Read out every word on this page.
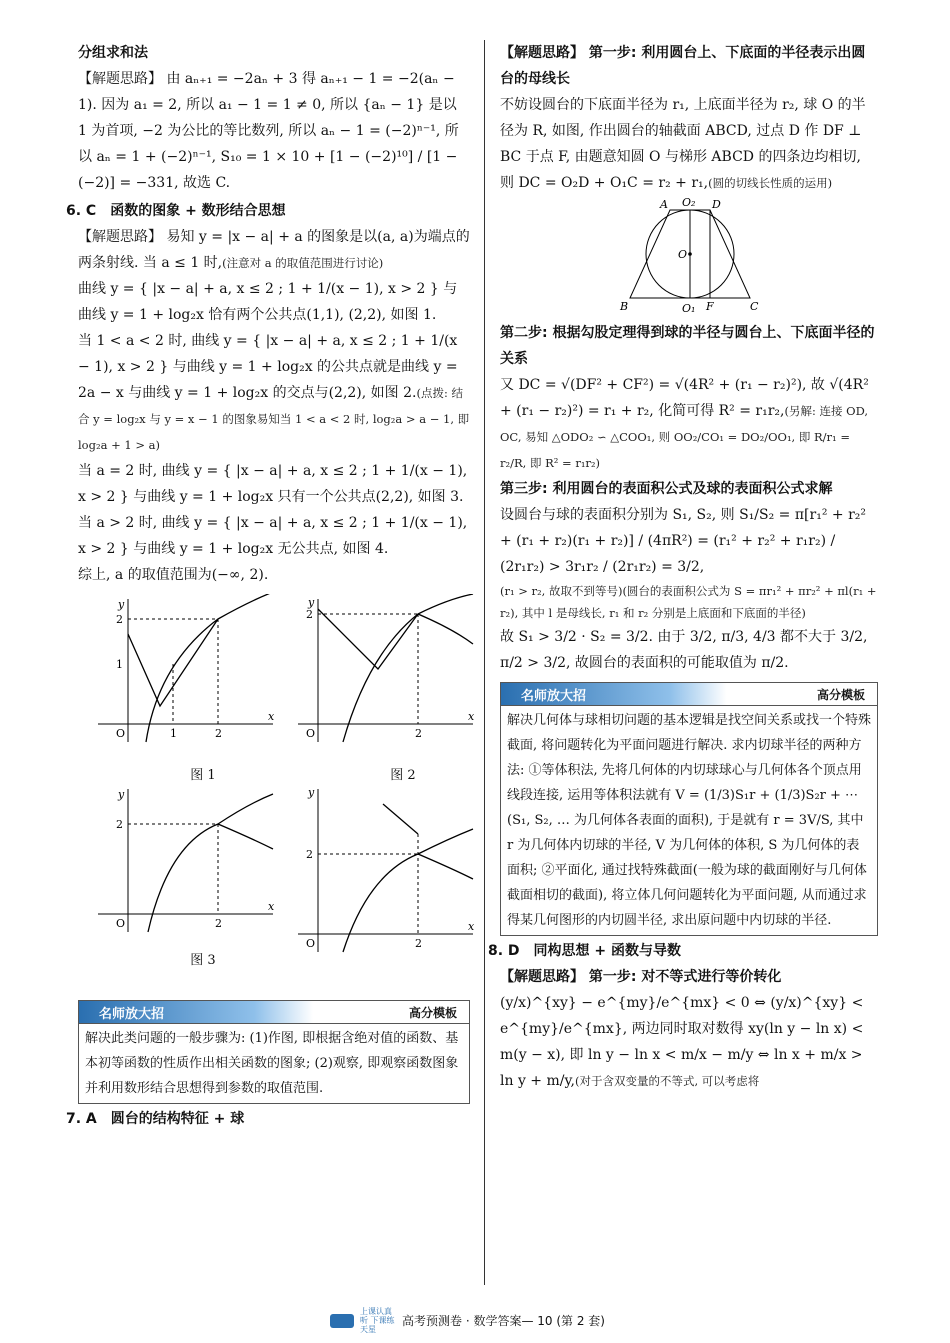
分组求和法

【解题思路】 由 aₙ₊₁ = −2aₙ + 3 得 aₙ₊₁ − 1 = −2(aₙ − 1). 因为 a₁ = 2, 所以 a₁ − 1 = 1 ≠ 0, 所以 {aₙ − 1} 是以 1 为首项, −2 为公比的等比数列, 所以 aₙ − 1 = (−2)ⁿ⁻¹, 所以 aₙ = 1 + (−2)ⁿ⁻¹, S₁₀ = 1 × 10 + [1 − (−2)¹⁰] / [1 − (−2)] = −331, 故选 C.

6. C　函数的图象 + 数形结合思想

【解题思路】 易知 y = |x − a| + a 的图象是以(a, a)为端点的两条射线. 当 a ≤ 1 时,(注意对 a 的取值范围进行讨论)

曲线 y = { |x − a| + a, x ≤ 2 ; 1 + 1/(x − 1), x > 2 } 与曲线 y = 1 + log₂x 恰有两个公共点(1,1), (2,2), 如图 1.

当 1 < a < 2 时, 曲线 y = { |x − a| + a, x ≤ 2 ; 1 + 1/(x − 1), x > 2 } 与曲线 y = 1 + log₂x 的公共点就是曲线 y = 2a − x 与曲线 y = 1 + log₂x 的交点与(2,2), 如图 2.(点拨: 结合 y = log₂x 与 y = x − 1 的图象易知当 1 < a < 2 时, log₂a > a − 1, 即 log₂a + 1 > a)

当 a = 2 时, 曲线 y = { |x − a| + a, x ≤ 2 ; 1 + 1/(x − 1), x > 2 } 与曲线 y = 1 + log₂x 只有一个公共点(2,2), 如图 3.

当 a > 2 时, 曲线 y = { |x − a| + a, x ≤ 2 ; 1 + 1/(x − 1), x > 2 } 与曲线 y = 1 + log₂x 无公共点, 如图 4.

综上, a 的取值范围为(−∞, 2).

y
x
O
2
1
1	2
图 1
y
x
O
2
2
图 2
y
x
O
2
2
图 3
y
x
O
2
2
名师放大招	高分模板
解决此类问题的一般步骤为: (1)作图, 即根据含绝对值的函数、基本初等函数的性质作出相关函数的图象; (2)观察, 即观察函数图象并利用数形结合思想得到参数的取值范围.

7. A　圆台的结构特征 + 球

【解题思路】 第一步: 利用圆台上、下底面的半径表示出圆台的母线长

不妨设圆台的下底面半径为 r₁, 上底面半径为 r₂, 球 O 的半径为 R, 如图, 作出圆台的轴截面 ABCD, 过点 D 作 DF ⊥ BC 于点 F, 由题意知圆 O 与梯形 ABCD 的四条边均相切, 则 DC = O₂D + O₁C = r₂ + r₁,(圆的切线长性质的运用)

A O₂ D
O
B	O₁ F	C

第二步: 根据勾股定理得到球的半径与圆台上、下底面半径的关系

又 DC = √(DF² + CF²) = √(4R² + (r₁ − r₂)²), 故 √(4R² + (r₁ − r₂)²) = r₁ + r₂, 化简可得 R² = r₁r₂,(另解: 连接 OD, OC, 易知 △ODO₂ ∽ △COO₁, 则 OO₂/CO₁ = DO₂/OO₁, 即 R/r₁ = r₂/R, 即 R² = r₁r₂)

第三步: 利用圆台的表面积公式及球的表面积公式求解

设圆台与球的表面积分别为 S₁, S₂, 则 S₁/S₂ = π[r₁² + r₂² + (r₁ + r₂)(r₁ + r₂)] / (4πR²) = (r₁² + r₂² + r₁r₂) / (2r₁r₂) > 3r₁r₂ / (2r₁r₂) = 3/2,

(r₁ > r₂, 故取不到等号)(圆台的表面积公式为 S = πr₁² + πr₂² + πl(r₁ + r₂), 其中 l 是母线长, r₁ 和 r₂ 分别是上底面和下底面的半径)

故 S₁ > 3/2 · S₂ = 3/2. 由于 3/2, π/3, 4/3 都不大于 3/2, π/2 > 3/2, 故圆台的表面积的可能取值为 π/2.

名师放大招	高分模板
解决几何体与球相切问题的基本逻辑是找空间关系或找一个特殊截面, 将问题转化为平面问题进行解决. 求内切球半径的两种方法: ①等体积法, 先将几何体的内切球球心与几何体各个顶点用线段连接, 运用等体积法就有 V = (1/3)S₁r + (1/3)S₂r + ⋯ (S₁, S₂, … 为几何体各表面的面积), 于是就有 r = 3V/S, 其中 r 为几何体内切球的半径, V 为几何体的体积, S 为几何体的表面积; ②平面化, 通过找特殊截面(一般为球的截面刚好与几何体截面相切的截面), 将立体几何问题转化为平面问题, 从而通过求得某几何图形的内切圆半径, 求出原问题中内切球的半径.

8. D　同构思想 + 函数与导数

【解题思路】 第一步: 对不等式进行等价转化

(y/x)^{xy} − e^{my}/e^{mx} < 0 ⇔ (y/x)^{xy} < e^{my}/e^{mx}, 两边同时取对数得 xy(ln y − ln x) < m(y − x), 即 ln y − ln x < m/x − m/y ⇔ ln x + m/x > ln y + m/y,(对于含双变量的不等式, 可以考虑将

上课认真听 下课练天星
高考预测卷 · 数学答案— 10 (第 2 套)
